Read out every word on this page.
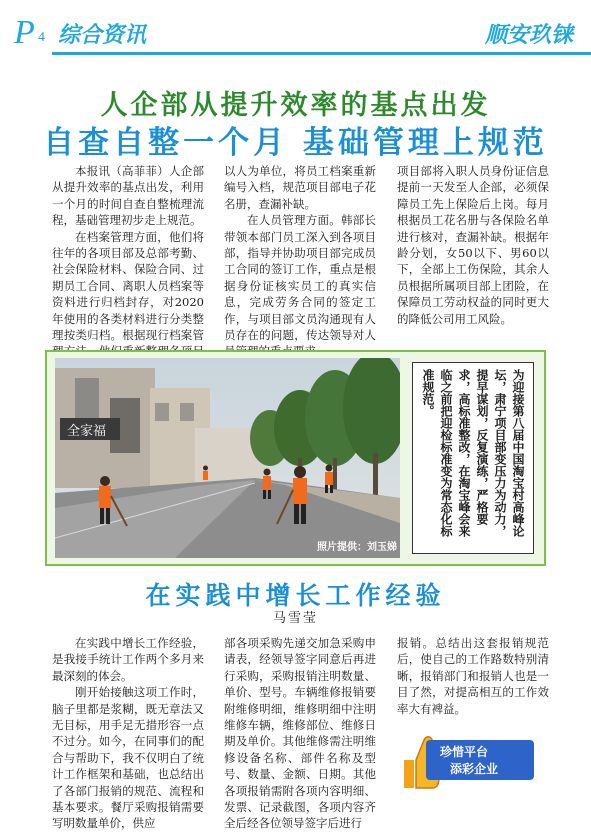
P 4 综合资讯	顺安玖铼
人企部从提升效率的基点出发
自查自整一个月 基础管理上规范

本报讯（高菲菲）人企部从提升效率的基点出发，利用一个月的时间自查自整梳理流程，基础管理初步走上规范。

在档案管理方面，他们将往年的各项目部及总部考勤、社会保险材料、保险合同、过期员工合同、离职人员档案等资料进行归档封存，对2020年使用的各类材料进行分类整理按类归档。根据现行档案管

以人为单位，将员工档案重新编号入档，规范项目部电子花名册，查漏补缺。

在人员管理方面。韩部长带领本部门员工深入到各项目部，指导并协助项目部完成员工合同的签订工作，重点是根据身份证核实员工的真实信息，完成劳务合同的签定工作，与项目部文员沟通现有人员存在的问题，传达领导对人

项目部将入职人员身份证信息提前一天发至人企部，必须保障员工先上保险后上岗。每月根据员工花名册与各保险名单进行核对，查漏补缺。根据年龄分划，女50以下、男60以下，全部上工伤保险，其余人员根据所属项目部上团险，在保障员工劳动权益的同时更大的降低公司用工风险。

全家福
照片提供：刘玉娣
为迎接第八届中国淘宝村高峰论坛，肃宁项目部变压力为动力，提早谋划，反复演练，严格要求，高标准整改，在淘宝峰会来临之前把迎检标准变为常态化标准规范。
在实践中增长工作经验
马雪莹

在实践中增长工作经验，是我接手统计工作两个多月来最深刻的体会。

刚开始接触这项工作时，脑子里都是浆糊，既无章法又无目标，用手足无措形容一点不过分。如今，在同事们的配合与帮助下，我不仅明白了统计工作框架和基础，也总结出了各部门报销的规范、流程和基本要求。餐厅采购报销需要写明数量单价，供应

部各项采购先递交加急采购申请表，经领导签字同意后再进行采购，采购报销注明数量、单价、型号。车辆维修报销要附维修明细，维修明细中注明维修车辆，维修部位、维修日期及单价。其他维修需注明维修设备名称、部件名称及型号、数量、金额、日期。其他各项报销需附各项内容明细、发票、记录截图，各项内容齐全后经各位领导签字后进行

报销。总结出这套报销规范后，使自己的工作路数特别清晰，报销部门和报销人也是一目了然，对提高相互的工作效率大有裨益。

珍惜平台
添彩企业
